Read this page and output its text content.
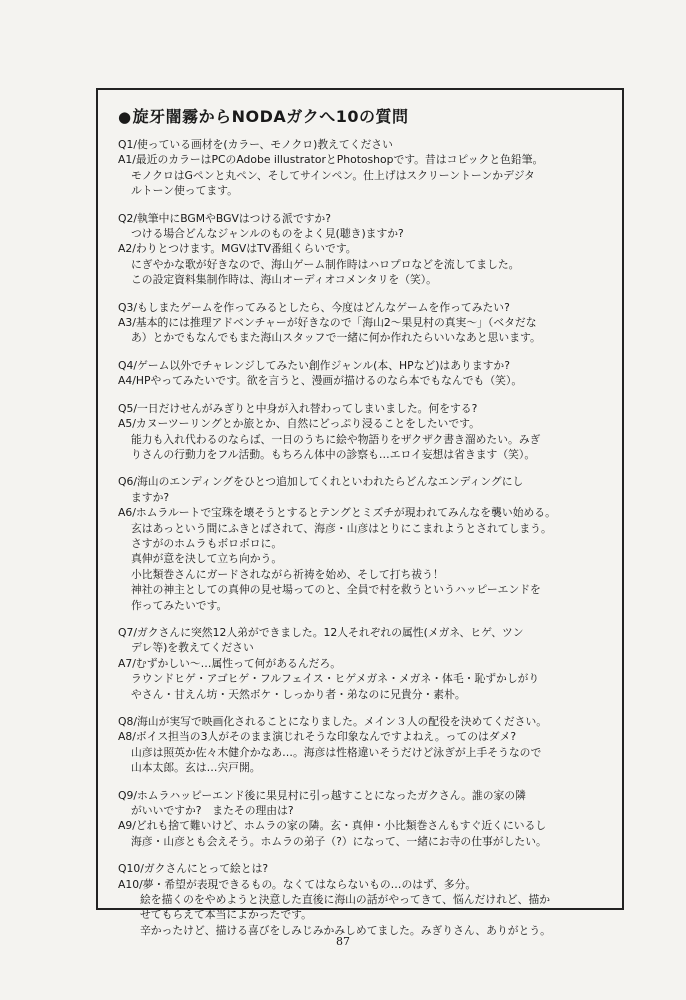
●旋牙闇霧からNODAガクへ10の質問
Q1/使っている画材を(カラー、モノクロ)教えてください
A1/最近のカラーはPCのAdobe illustratorとPhotoshopです。昔はコピックと色鉛筆。
モノクロはGペンと丸ペン、そしてサインペン。仕上げはスクリーントーンかデジタ
ルトーン使ってます。
Q2/執筆中にBGMやBGVはつける派ですか?
つける場合どんなジャンルのものをよく見(聴き)ますか?
A2/わりとつけます。MGVはTV番組くらいです。
にぎやかな歌が好きなので、海山ゲーム制作時はハロプロなどを流してました。
この設定資料集制作時は、海山オーディオコメンタリを（笑）。
Q3/もしまたゲームを作ってみるとしたら、今度はどんなゲームを作ってみたい?
A3/基本的には推理アドベンチャーが好きなので「海山2～果見村の真実～」（ベタだな
あ）とかでもなんでもまた海山スタッフで一緒に何か作れたらいいなあと思います。
Q4/ゲーム以外でチャレンジしてみたい創作ジャンル(本、HPなど)はありますか?
A4/HPやってみたいです。欲を言うと、漫画が描けるのなら本でもなんでも（笑）。
Q5/一日だけせんがみぎりと中身が入れ替わってしまいました。何をする?
A5/カヌーツーリングとか旅とか、自然にどっぷり浸ることをしたいです。
能力も入れ代わるのならば、一日のうちに絵や物語りをザクザク書き溜めたい。みぎ
りさんの行動力をフル活動。もちろん体中の診察も…エロイ妄想は省きます（笑）。
Q6/海山のエンディングをひとつ追加してくれといわれたらどんなエンディングにし
ますか?
A6/ホムラルートで宝珠を壊そうとするとテングとミズチが現われてみんなを襲い始める。
玄はあっという間にふきとばされて、海彦・山彦はとりにこまれようとされてしまう。
さすがのホムラもボロボロに。
真伸が意を決して立ち向かう。
小比類巻さんにガードされながら祈祷を始め、そして打ち祓う！
神社の神主としての真伸の見せ場ってのと、全員で村を救うというハッピーエンドを
作ってみたいです。
Q7/ガクさんに突然12人弟ができました。12人それぞれの属性(メガネ、ヒゲ、ツン
デレ等)を教えてください
A7/むずかしい～…属性って何があるんだろ。
ラウンドヒゲ・アゴヒゲ・フルフェイス・ヒゲメガネ・メガネ・体毛・恥ずかしがり
やさん・甘えん坊・天然ボケ・しっかり者・弟なのに兄貴分・素朴。
Q8/海山が実写で映画化されることになりました。メイン３人の配役を決めてください。
A8/ボイス担当の3人がそのまま演じれそうな印象なんですよねえ。ってのはダメ?
山彦は照英か佐々木健介かなあ…。海彦は性格違いそうだけど泳ぎが上手そうなので
山本太郎。玄は…宍戸開。
Q9/ホムラハッピーエンド後に果見村に引っ越すことになったガクさん。誰の家の隣
がいいですか?　またその理由は?
A9/どれも捨て難いけど、ホムラの家の隣。玄・真伸・小比類巻さんもすぐ近くにいるし
海彦・山彦とも会えそう。ホムラの弟子（?）になって、一緒にお寺の仕事がしたい。
Q10/ガクさんにとって絵とは?
A10/夢・希望が表現できるもの。なくてはならないもの…のはず、多分。
絵を描くのをやめようと決意した直後に海山の話がやってきて、悩んだけれど、描か
せてもらえて本当によかったです。
辛かったけど、描ける喜びをしみじみかみしめてました。みぎりさん、ありがとう。
87
